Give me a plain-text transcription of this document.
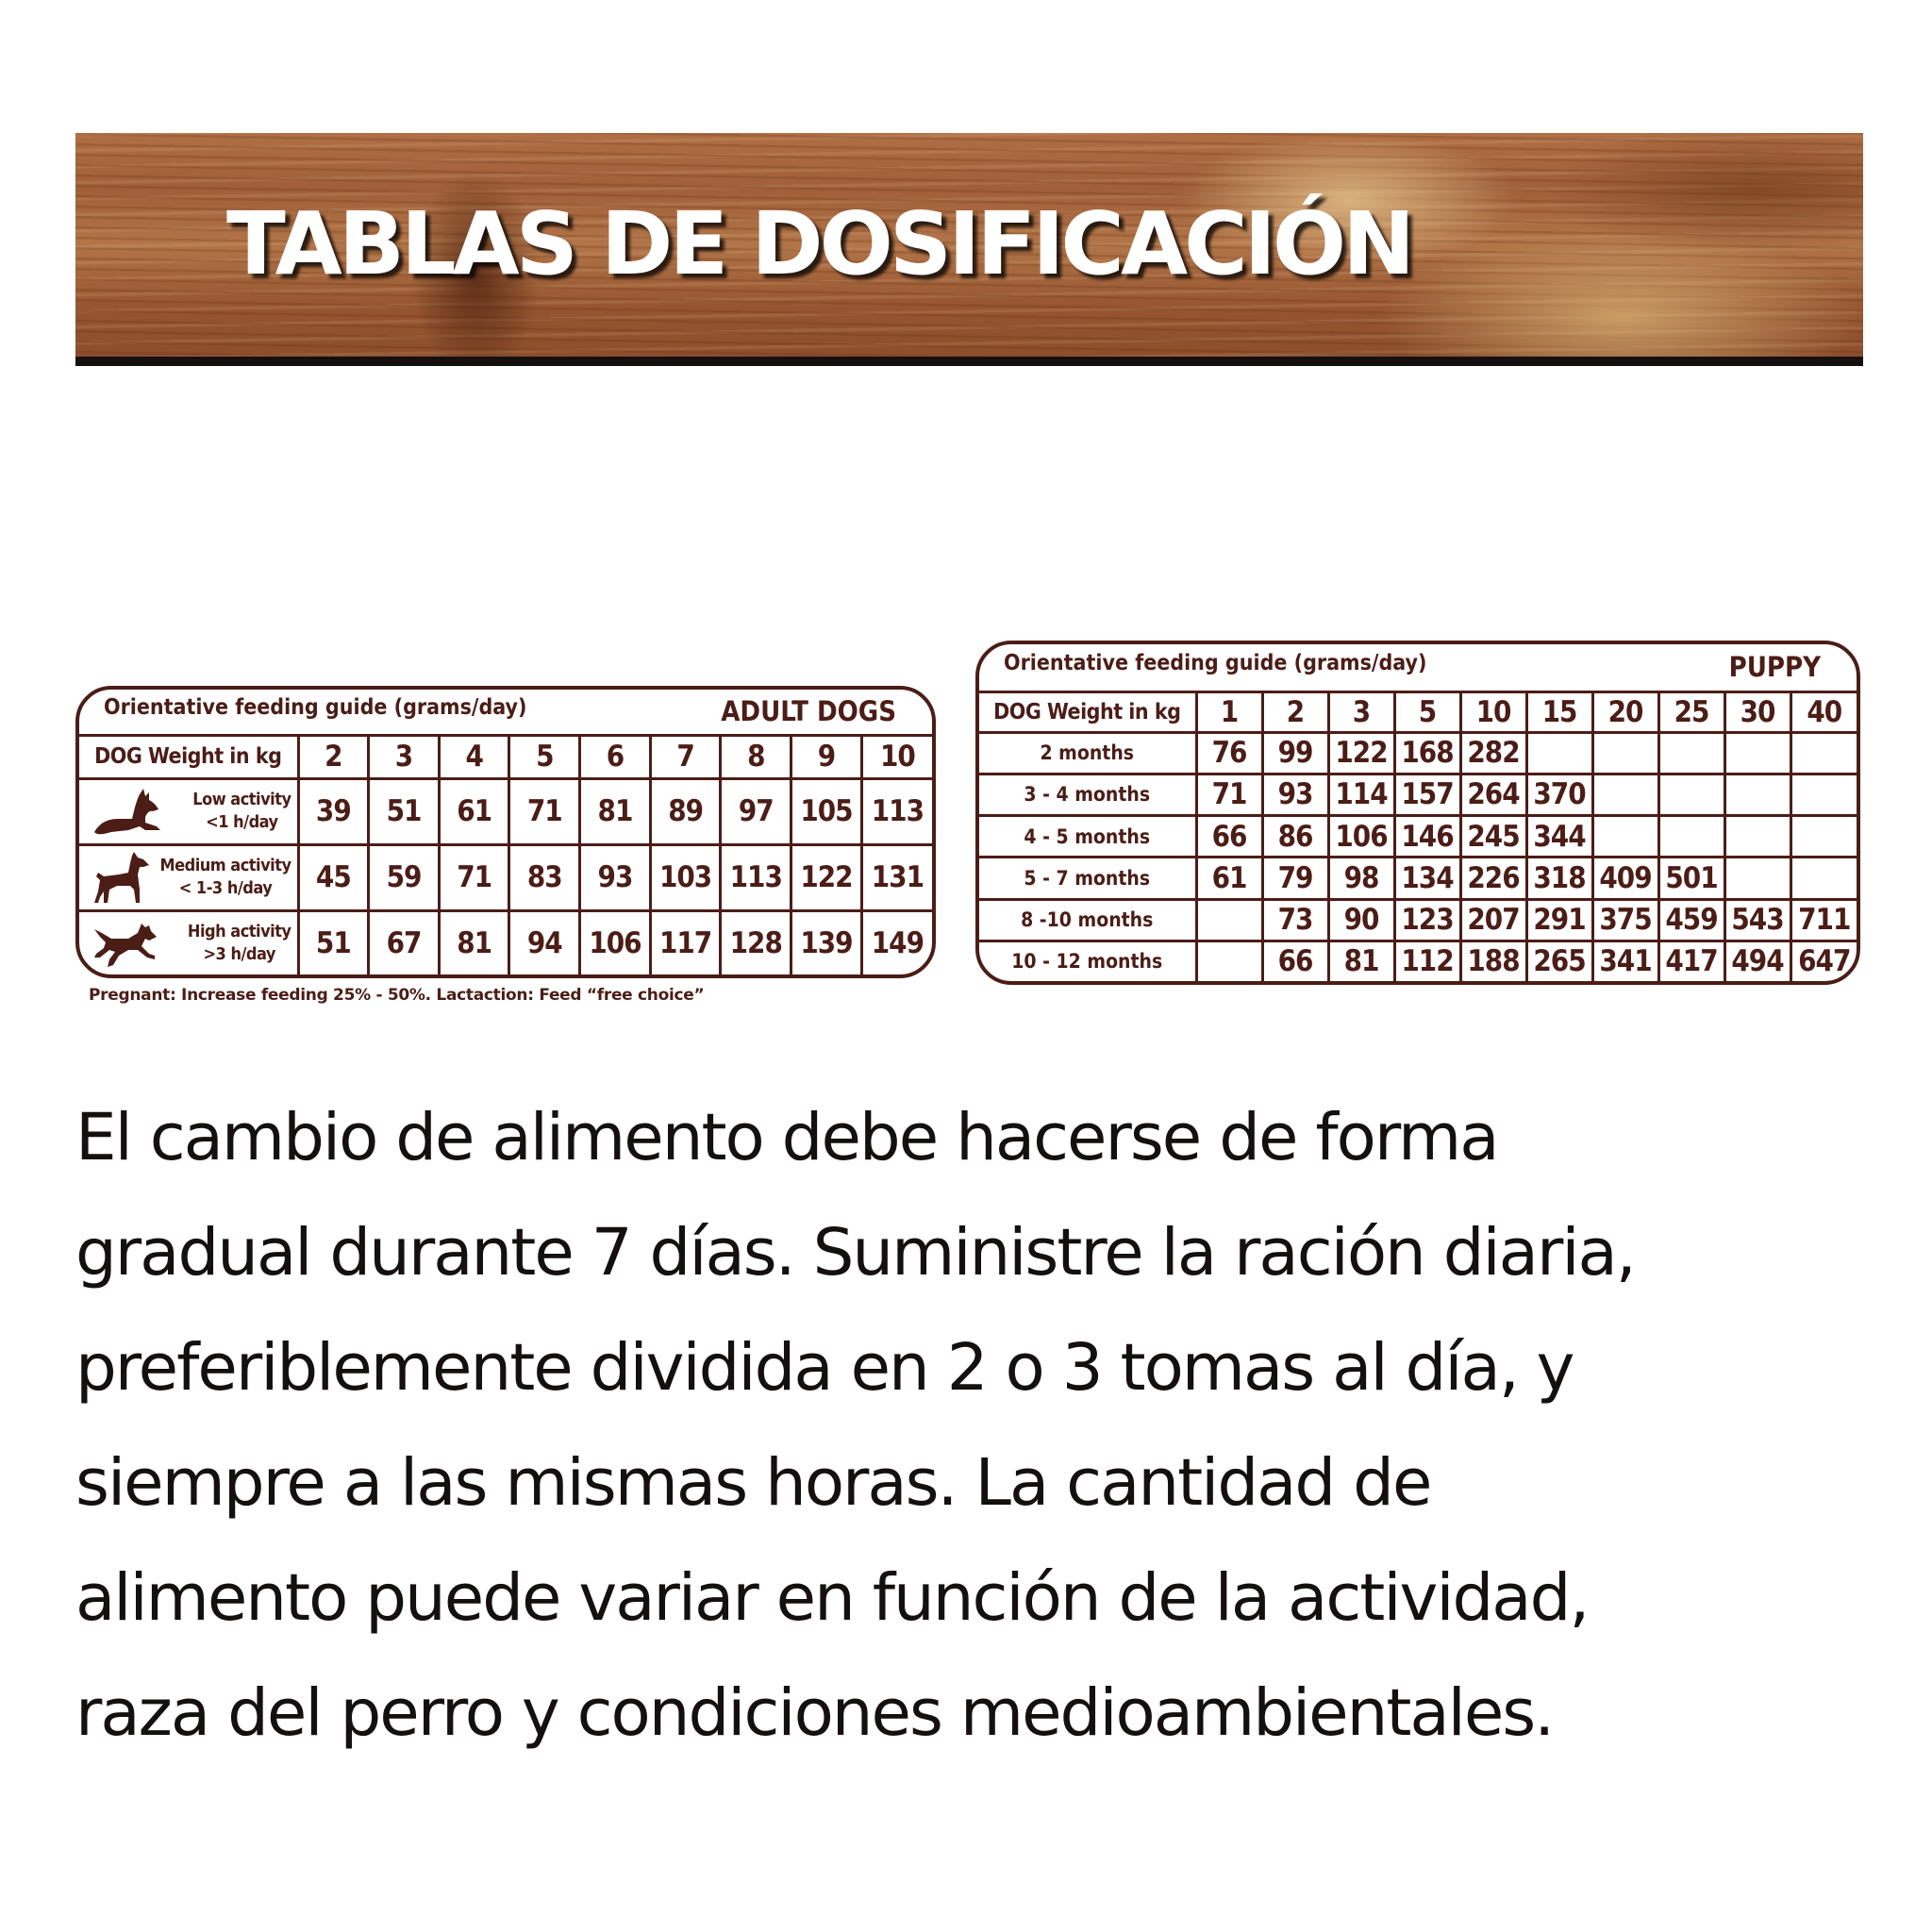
TABLAS DE DOSIFICACIÓN
Orientative feeding guide (grams/day) ADULT DOGS									

DOG Weight in kg	2	3	4	5	6	7	8	9	10

Low activity
<1 h/day	39	51	61	71	81	89	97	105	113

Medium activity
< 1-3 h/day	45	59	71	83	93	103	113	122	131

High activity
>3 h/day	51	67	81	94	106	117	128	139	149

Pregnant: Increase feeding 25% - 50%. Lactaction: Feed “free choice”

Orientative feeding guide (grams/day) PUPPY										

DOG Weight in kg	1	2	3	5	10	15	20	25	30	40
2 months	76	99	122	168	282					
3 - 4 months	71	93	114	157	264	370				
4 - 5 months	66	86	106	146	245	344				
5 - 7 months	61	79	98	134	226	318	409	501		
8 -10 months		73	90	123	207	291	375	459	543	711
10 - 12 months		66	81	112	188	265	341	417	494	647

El cambio de alimento debe hacerse de forma
gradual durante 7 días. Suministre la ración diaria,
preferiblemente dividida en 2 o 3 tomas al día, y
siempre a las mismas horas. La cantidad de
alimento puede variar en función de la actividad,
raza del perro y condiciones medioambientales.
